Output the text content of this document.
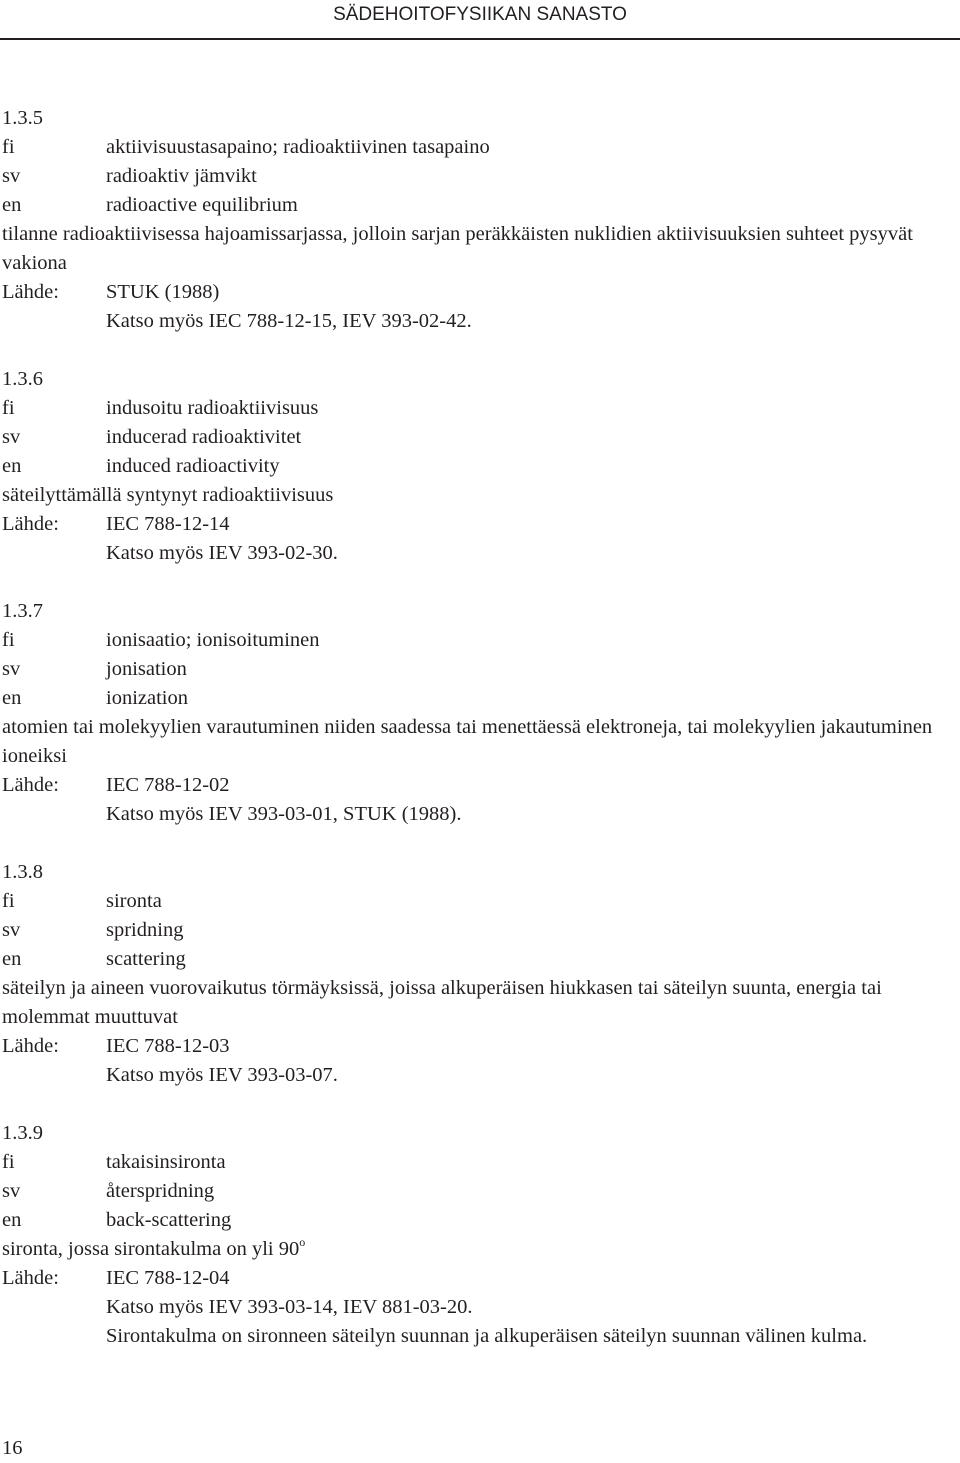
SÄDEHOITOFYSIIKAN SANASTO
1.3.5
fi	aktiivisuustasapaino; radioaktiivinen tasapaino
sv	radioaktiv jämvikt
en	radioactive equilibrium
tilanne radioaktiivisessa hajoamissarjassa, jolloin sarjan peräkkäisten nuklidien aktiivisuuksien suhteet pysyvät vakiona
Lähde:	STUK (1988)
Katso myös IEC 788-12-15, IEV 393-02-42.
1.3.6
fi	indusoitu radioaktiivisuus
sv	inducerad radioaktivitet
en	induced radioactivity
säteilyttämällä syntynyt radioaktiivisuus
Lähde:	IEC 788-12-14
Katso myös IEV 393-02-30.
1.3.7
fi	ionisaatio; ionisoituminen
sv	jonisation
en	ionization
atomien tai molekyylien varautuminen niiden saadessa tai menettäessä elektroneja, tai molekyylien jakautuminen ioneiksi
Lähde:	IEC 788-12-02
Katso myös IEV 393-03-01, STUK (1988).
1.3.8
fi	sironta
sv	spridning
en	scattering
säteilyn ja aineen vuorovaikutus törmäyksissä, joissa alkuperäisen hiukkasen tai säteilyn suunta, energia tai molemmat muuttuvat
Lähde:	IEC 788-12-03
Katso myös IEV 393-03-07.
1.3.9
fi	takaisinsironta
sv	återspridning
en	back-scattering
sironta, jossa sirontakulma on yli 90$^o$
Lähde:	IEC 788-12-04
Katso myös IEV 393-03-14, IEV 881-03-20.
Sirontakulma on sironneen säteilyn suunnan ja alkuperäisen säteilyn suunnan välinen kulma.
16
